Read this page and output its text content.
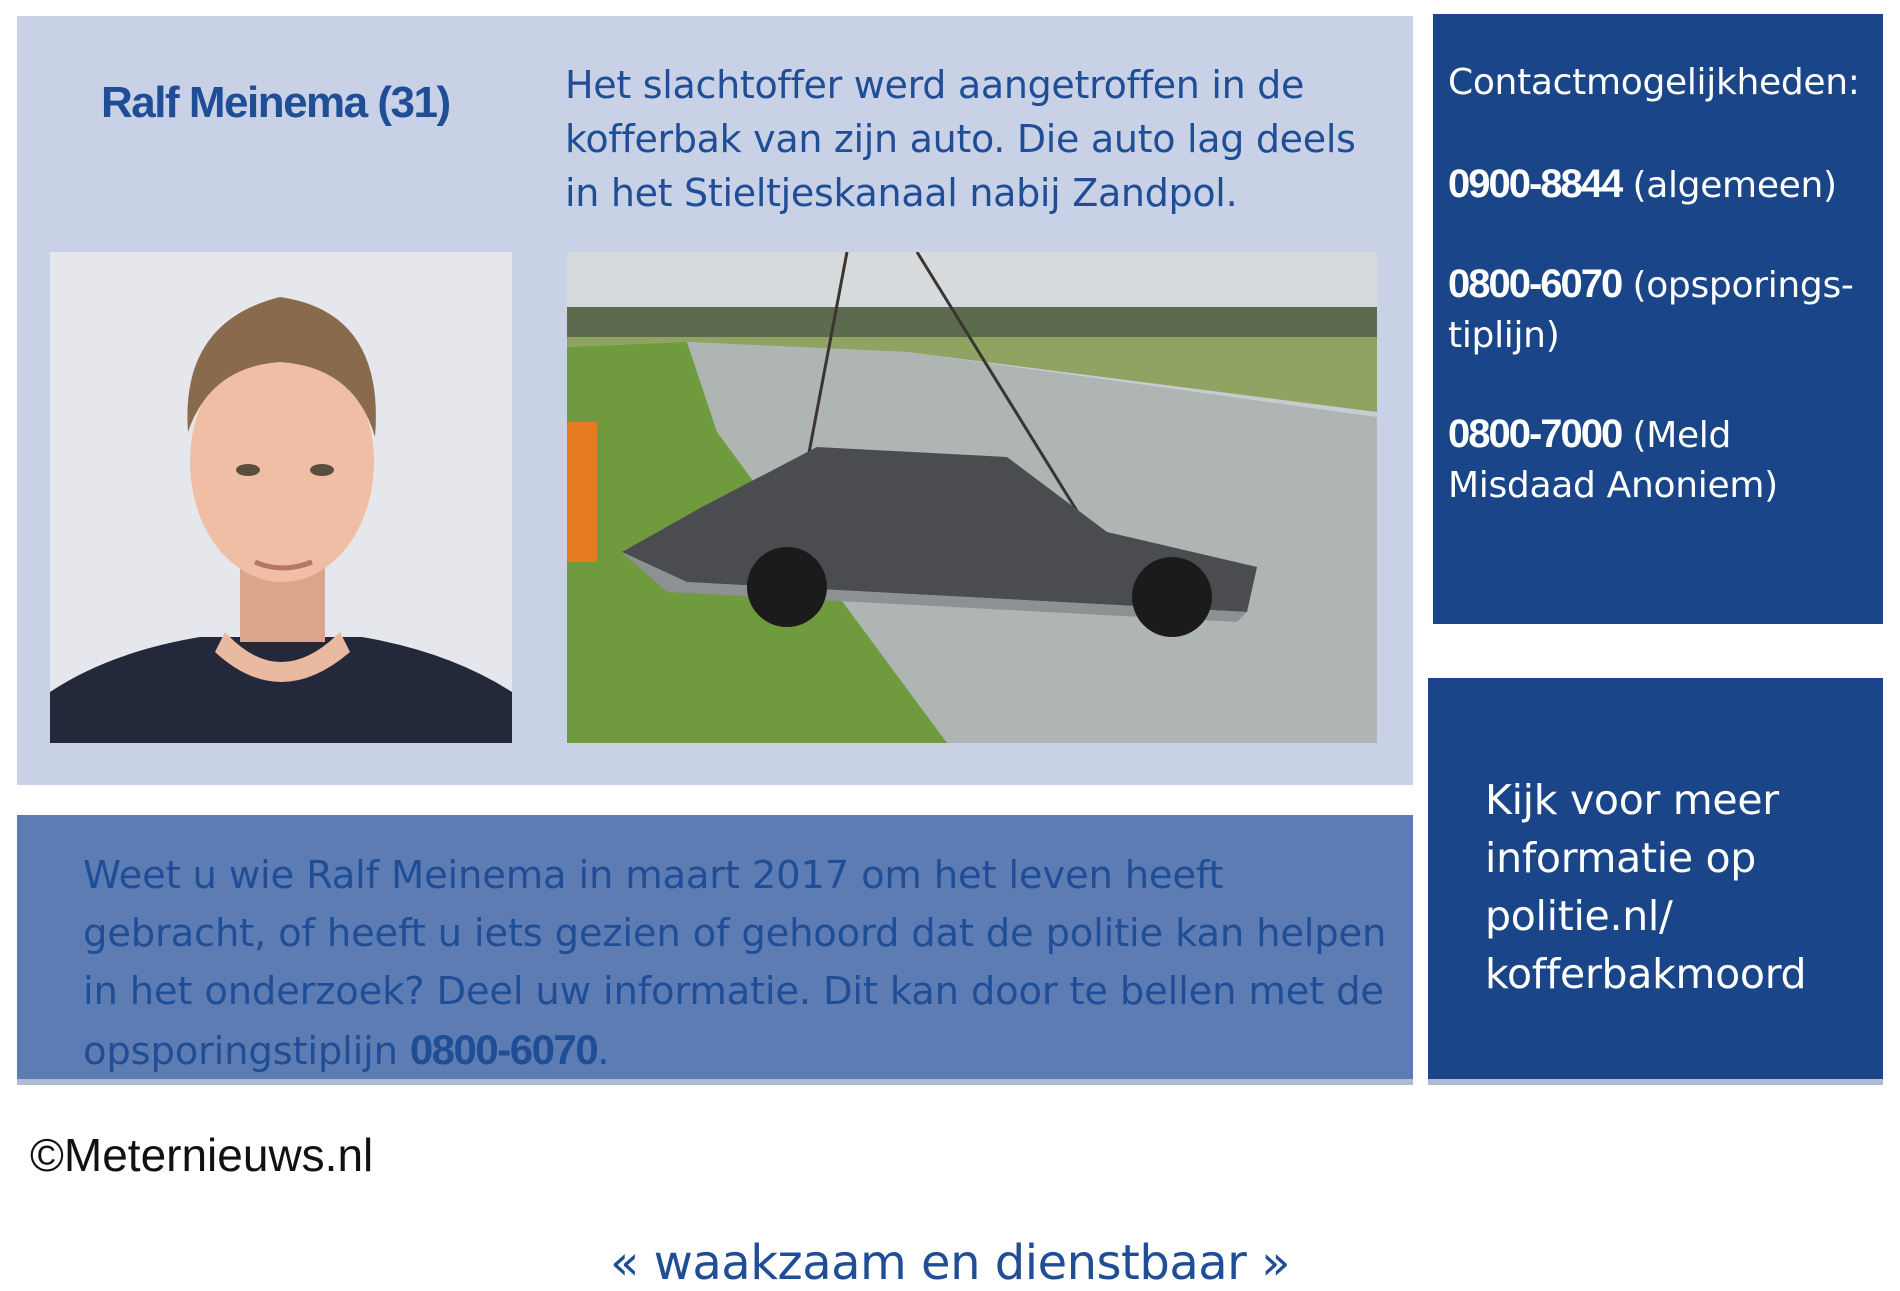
Ralf Meinema (31)	Het slachtoffer werd aangetroffen in de kofferbak van zijn auto. Die auto lag deels in het Stieltjeskanaal nabij Zandpol.
Weet u wie Ralf Meinema in maart 2017 om het leven heeft gebracht, of heeft u iets gezien of gehoord dat de politie kan helpen in het onderzoek? Deel uw informatie. Dit kan door te bellen met de opsporingstiplijn 0800-6070.
Contactmogelijkheden:
0900-8844 (algemeen)
0800-6070 (opsporings-tiplijn)
0800-7000 (Meld Misdaad Anoniem)
Kijk voor meer informatie op politie.nl/ kofferbakmoord
©Meternieuws.nl
« waakzaam en dienstbaar »
